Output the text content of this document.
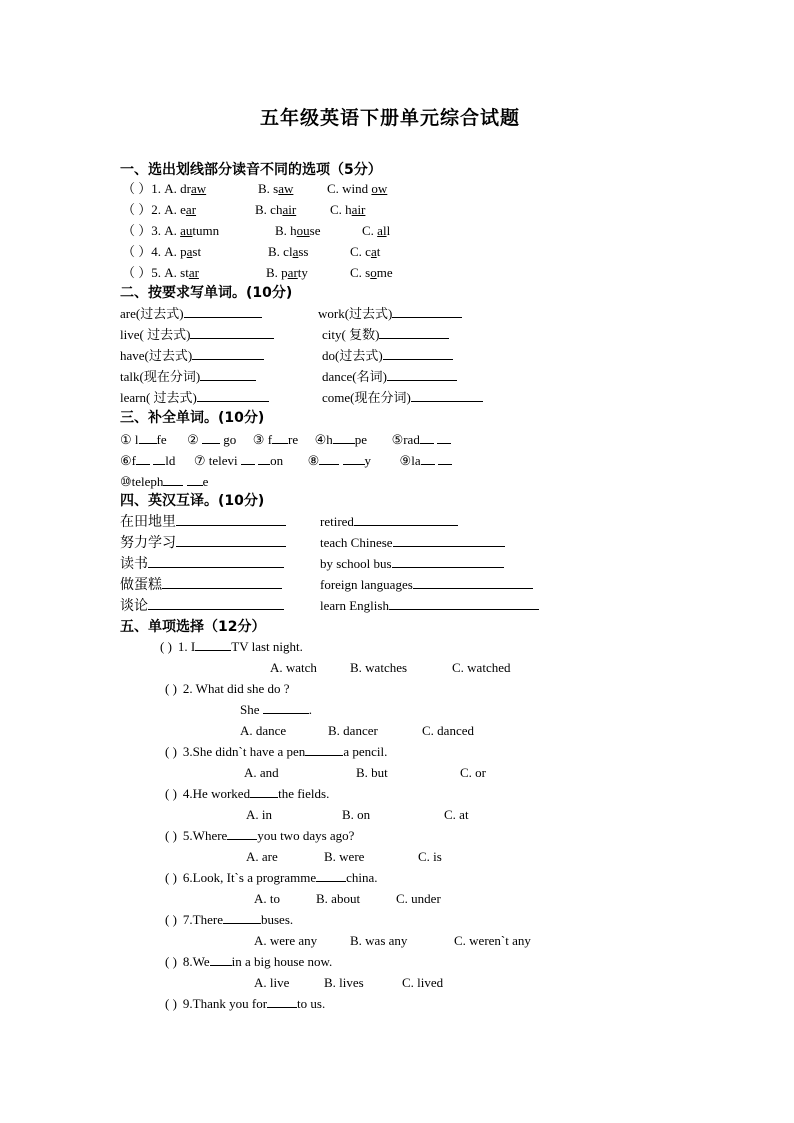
五年级英语下册单元综合试题
一、选出划线部分读音不同的选项（5分）
（ ）1. A. draw	B. saw	C. wind ow
（ ）2. A. ear	B. chair	C. hair
（ ）3. A. autumn	B. house	C. all
（ ）4. A. past	B. class	C. cat
（ ）5. A. star	B. party	C. some
二、按要求写单词。(10分)
are(过去式)	work(过去式)
live( 过去式)	city( 复数)
have(过去式)	do(过去式)
talk(现在分词)	dance(名词)
learn( 过去式)	come(现在分词)
三、补全单词。(10分)
① l fe ②  go ③ f re ④h pe ⑤rad
⑥f ld ⑦ televi	on ⑧	y ⑨la
⑩teleph	e
四、英汉互译。(10分)
在田地里	retired
努力学习	teach Chinese
读书	by school bus
做蛋糕	foreign languages
谈论	learn English
五、单项选择（12分）
( ) 1. I	TV last night.
A. watch	B. watches	C. watched
( ) 2. What did she do ?
She	.
A. dance	B. dancer	C. danced
( ) 3.She didn`t have a pen	a pencil.
A. and	B. but	C. or
( ) 4.He worked the fields.
A. in	B. on	C. at
( ) 5.Where you two days ago?
A. are	B. were	C. is
( ) 6.Look, It`s a programme china.
A. to	B. about	C. under
( ) 7.There	buses.
A. were any	B. was any	C. weren`t any
( ) 8.We in a big house now.
A. live	B. lives	C. lived
( ) 9.Thank you for to us.
